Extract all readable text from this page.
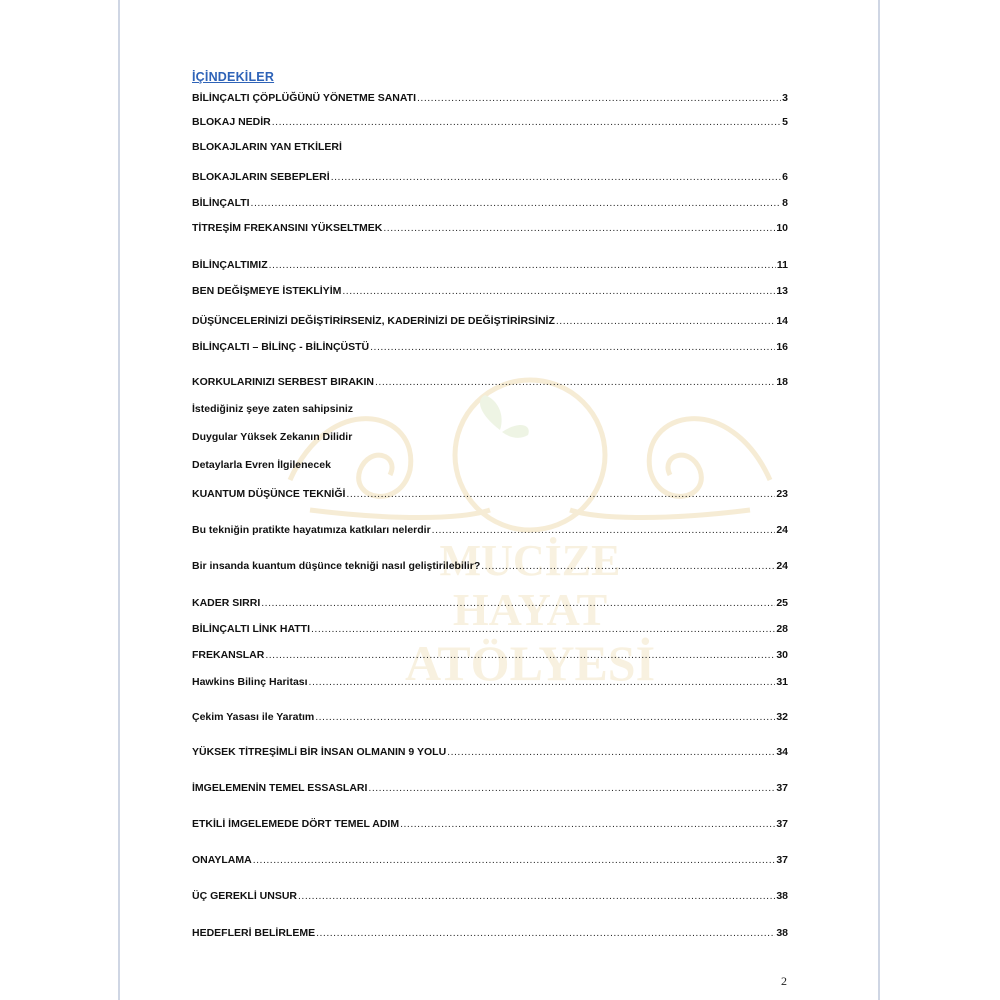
MUCİZE
HAYAT
ATÖLYESİ
İÇİNDEKİLER
BİLİNÇALTI ÇÖPLÜĞÜNÜ YÖNETME SANATI .....	3
BLOKAJ NEDİR .....	5
BLOKAJLARIN YAN ETKİLERİ
BLOKAJLARIN SEBEPLERİ .....	6
BİLİNÇALTI .....	8
TİTREŞİM FREKANSINI YÜKSELTMEK .....	10
BİLİNÇALTIMIZ .....	11
BEN DEĞİŞMEYE İSTEKLİYİM .....	13
DÜŞÜNCELERİNİZİ DEĞİŞTİRİRSENİZ, KADERİNİZİ DE DEĞİŞTİRİRSİNİZ .....	14
BİLİNÇALTI – BİLİNÇ - BİLİNÇÜSTÜ .....	16
KORKULARINIZI SERBEST BIRAKIN .....	18
İstediğiniz şeye zaten sahipsiniz
Duygular Yüksek Zekanın Dilidir
Detaylarla Evren İlgilenecek
KUANTUM DÜŞÜNCE TEKNİĞİ .....	23
Bu tekniğin pratikte hayatımıza katkıları nelerdir .....	24
Bir insanda kuantum düşünce tekniği nasıl geliştirilebilir? .....	24
KADER SIRRI .....	25
BİLİNÇALTI LİNK HATTI .....	28
FREKANSLAR .....	30
Hawkins Bilinç Haritası .....	31
Çekim Yasası ile Yaratım .....	32
YÜKSEK TİTREŞİMLİ BİR İNSAN OLMANIN 9 YOLU .....	34
İMGELEMENİN TEMEL ESSASLARI .....	37
ETKİLİ İMGELEMEDE DÖRT TEMEL ADIM .....	37
ONAYLAMA .....	37
ÜÇ GEREKLİ UNSUR .....	38
HEDEFLERİ BELİRLEME .....	38
2
